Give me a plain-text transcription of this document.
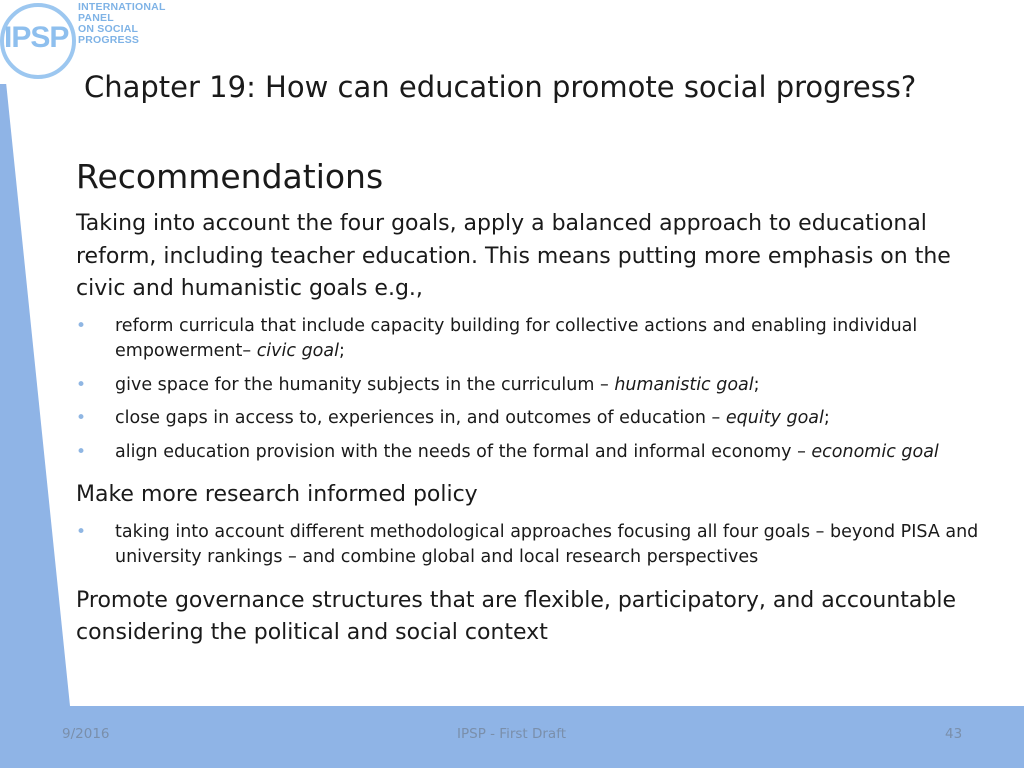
IPSP
INTERNATIONAL PANEL
ON SOCIAL PROGRESS
Chapter 19: How can education promote social progress?
Recommendations
Taking into account the four goals, apply a balanced approach to educational reform, including teacher education. This means putting more emphasis on the civic and humanistic goals e.g.,
• reform curricula that include capacity building for collective actions and enabling individual empowerment– civic goal;
• give space for the humanity subjects in the curriculum – humanistic goal;
• close gaps in access to, experiences in, and outcomes of education – equity goal;
• align education provision with the needs of the formal and informal economy – economic goal
Make more research informed policy
• taking into account different methodological approaches focusing all four goals – beyond PISA and university rankings – and combine global and local research perspectives
Promote governance structures that are flexible, participatory, and accountable considering the political and social context
9/2016	IPSP - First Draft	43
